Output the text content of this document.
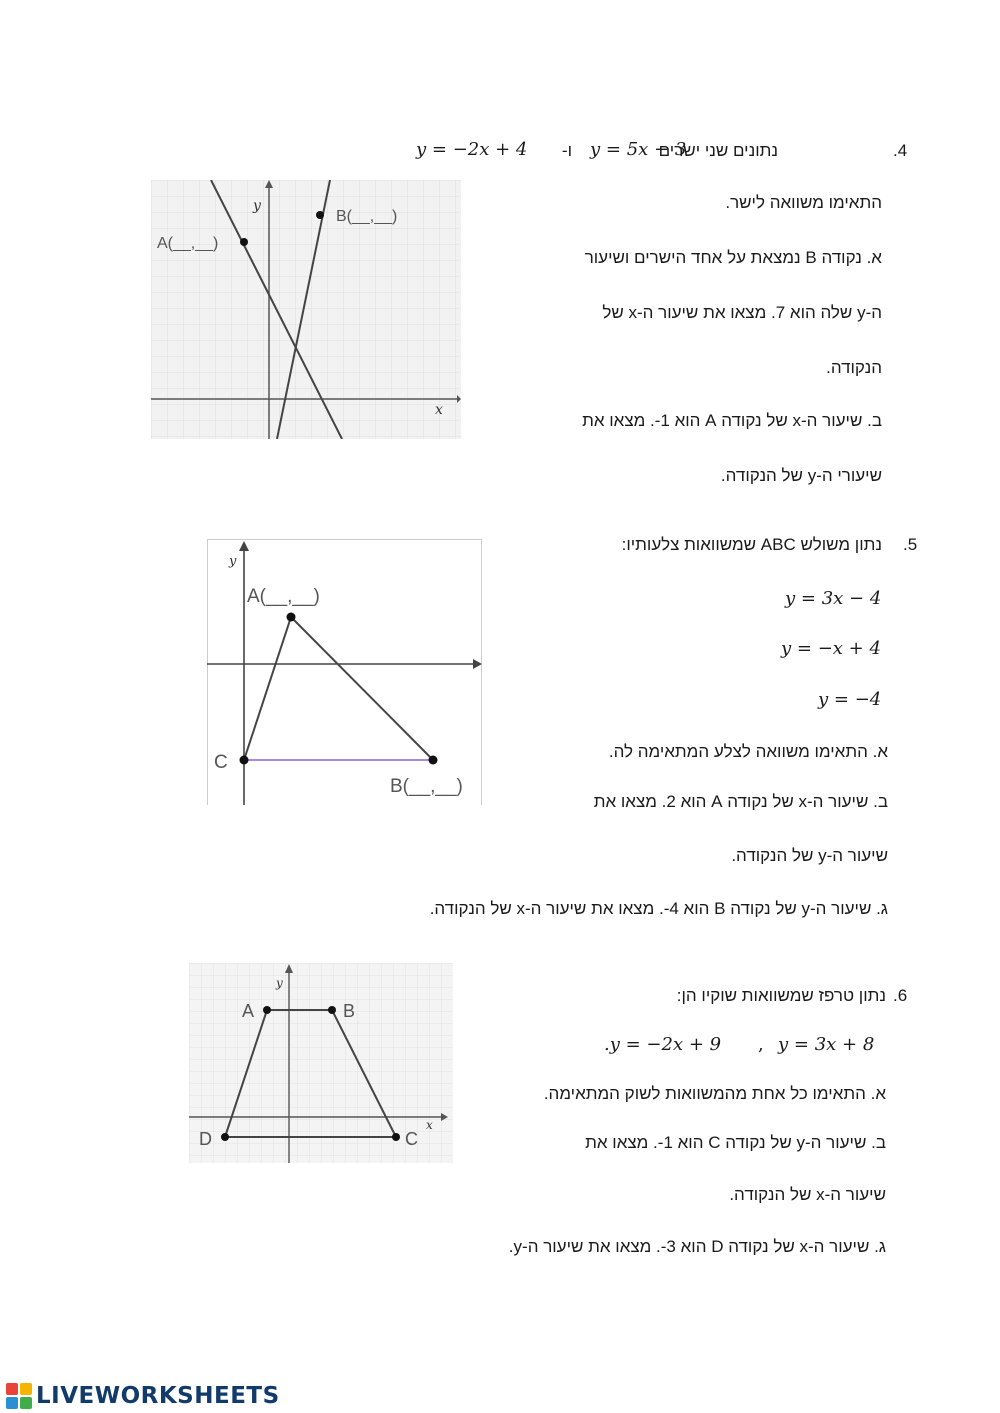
.4
נתונים שני ישרים
y = 5x − 3
ו-
y = −2x + 4
התאימו משוואה לישר.
א. נקודה B נמצאת על אחד הישרים ושיעור
ה-y שלה הוא 7. מצאו את שיעור ה-x של
הנקודה.
ב. שיעור ה-x של נקודה A הוא 1-. מצאו את
שיעורי ה-y של הנקודה.
y
x
A(__,__)
B(__,__)
.5
נתון משולש ABC שמשוואות צלעותיו:
y = 3x − 4
y = −x + 4
y = −4
א. התאימו משוואה לצלע המתאימה לה.
ב. שיעור ה-x של נקודה A הוא 2. מצאו את
שיעור ה-y של הנקודה.
ג. שיעור ה-y של נקודה B הוא 4-. מצאו את שיעור ה-x של הנקודה.
y
A(__,__)
C
B(__,__)
.6
נתון טרפז שמשוואות שוקיו הן:
y = 3x + 8
,
.y = −2x + 9
א. התאימו כל אחת מהמשוואות לשוק המתאימה.
ב. שיעור ה-y של נקודה C הוא 1-. מצאו את
שיעור ה-x של הנקודה.
ג. שיעור ה-x של נקודה D הוא 3-. מצאו את שיעור ה-y.
y
x
A	B
C
D
LIVEWORKSHEETS
